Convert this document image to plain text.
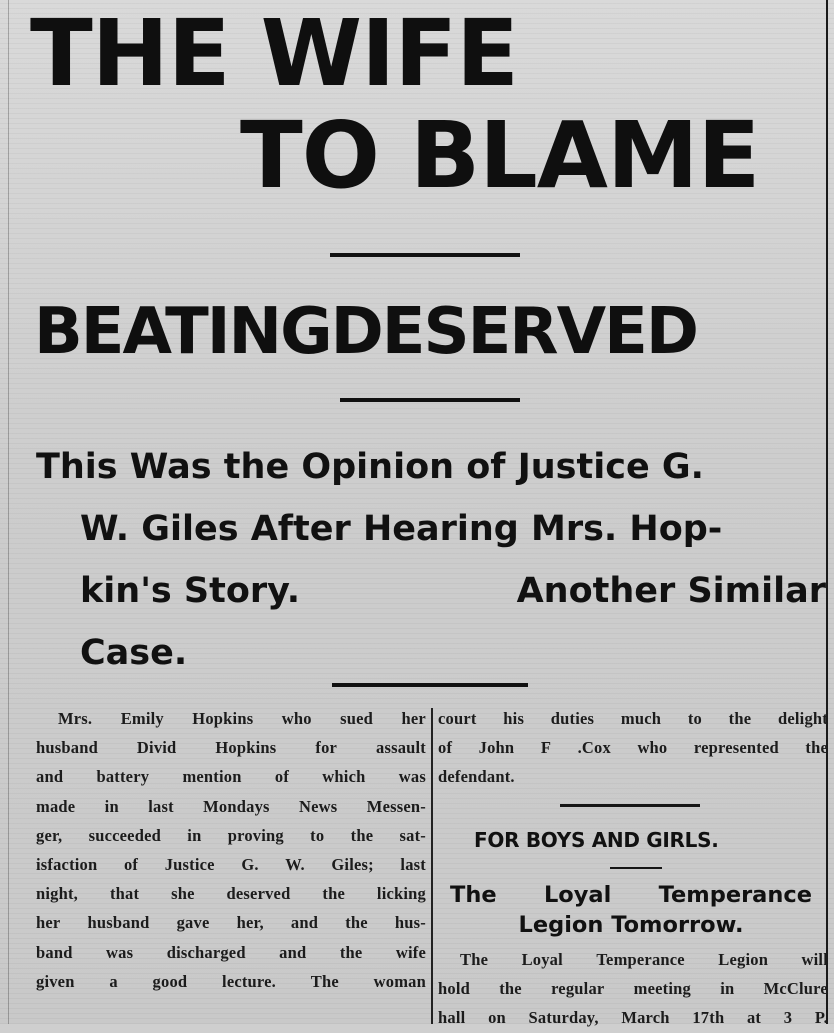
THE WIFE
TO BLAME
BEATINGDESERVED
This Was the Opinion of Justice G.
W. Giles After Hearing Mrs. Hop-
kin's Story.	Another Similar
Case.
Mrs. Emily Hopkins who sued her
husband Divid Hopkins for assault
and battery mention of which was
made in last Mondays News Messen-
ger, succeeded in proving to the sat-
isfaction of Justice G. W. Giles; last
night, that she deserved the licking
her husband gave her, and the hus-
band was discharged and the wife
given a good lecture. The woman
court his duties much to the delight
of John F .Cox who represented the
defendant.
FOR BOYS AND GIRLS.
The Loyal Temperance
Legion Tomorrow.
The Loyal Temperance Legion will
hold the regular meeting in McClure
hall on Saturday, March 17th at 3 P.
